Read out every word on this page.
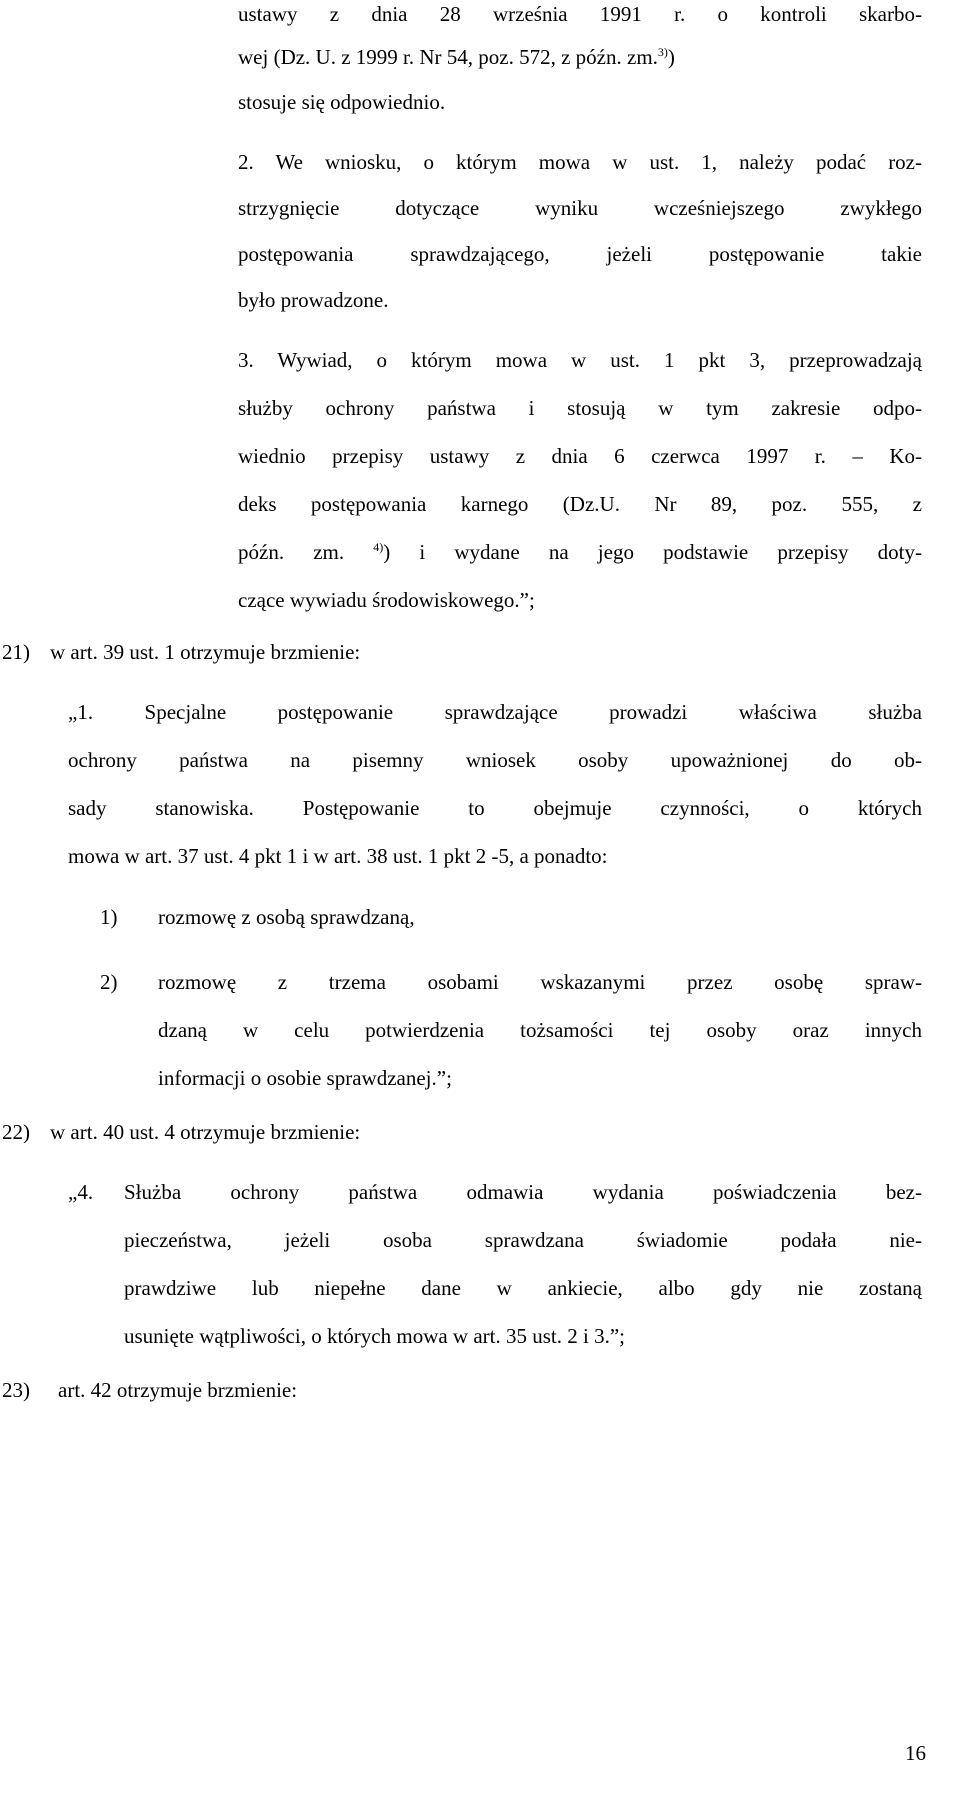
ustawy z dnia 28 września 1991 r. o kontroli skarbo-

wej (Dz. U. z 1999 r. Nr 54, poz. 572, z późn. zm.$^{3)}$)

stosuje się odpowiednio.

2. We wniosku, o którym mowa w ust. 1, należy podać roz-

strzygnięcie dotyczące wyniku wcześniejszego zwykłego

postępowania sprawdzającego, jeżeli postępowanie takie

było prowadzone.

3. Wywiad, o którym mowa w ust. 1 pkt 3, przeprowadzają

służby ochrony państwa i stosują w tym zakresie odpo-

wiednio przepisy ustawy z dnia 6 czerwca 1997 r. – Ko-

deks postępowania karnego (Dz.U. Nr 89, poz. 555, z

późn. zm. $^{4)}$) i wydane na jego podstawie przepisy doty-

czące wywiadu środowiskowego.”;

21) w art. 39 ust. 1 otrzymuje brzmienie:

„1. Specjalne postępowanie sprawdzające prowadzi właściwa służba

ochrony państwa na pisemny wniosek osoby upoważnionej do ob-

sady stanowiska. Postępowanie to obejmuje czynności, o których

mowa w art. 37 ust. 4 pkt 1 i w art. 38 ust. 1 pkt 2 -5, a ponadto:

1)	rozmowę z osobą sprawdzaną,

2)	rozmowę z trzema osobami wskazanymi przez osobę spraw-

dzaną w celu potwierdzenia tożsamości tej osoby oraz innych

informacji o osobie sprawdzanej.”;

22) w art. 40 ust. 4 otrzymuje brzmienie:

„4.	Służba ochrony państwa odmawia wydania poświadczenia bez-

pieczeństwa, jeżeli osoba sprawdzana świadomie podała nie-

prawdziwe lub niepełne dane w ankiecie, albo gdy nie zostaną

usunięte wątpliwości, o których mowa w art. 35 ust. 2 i 3.”;

23)	art. 42 otrzymuje brzmienie:

16
